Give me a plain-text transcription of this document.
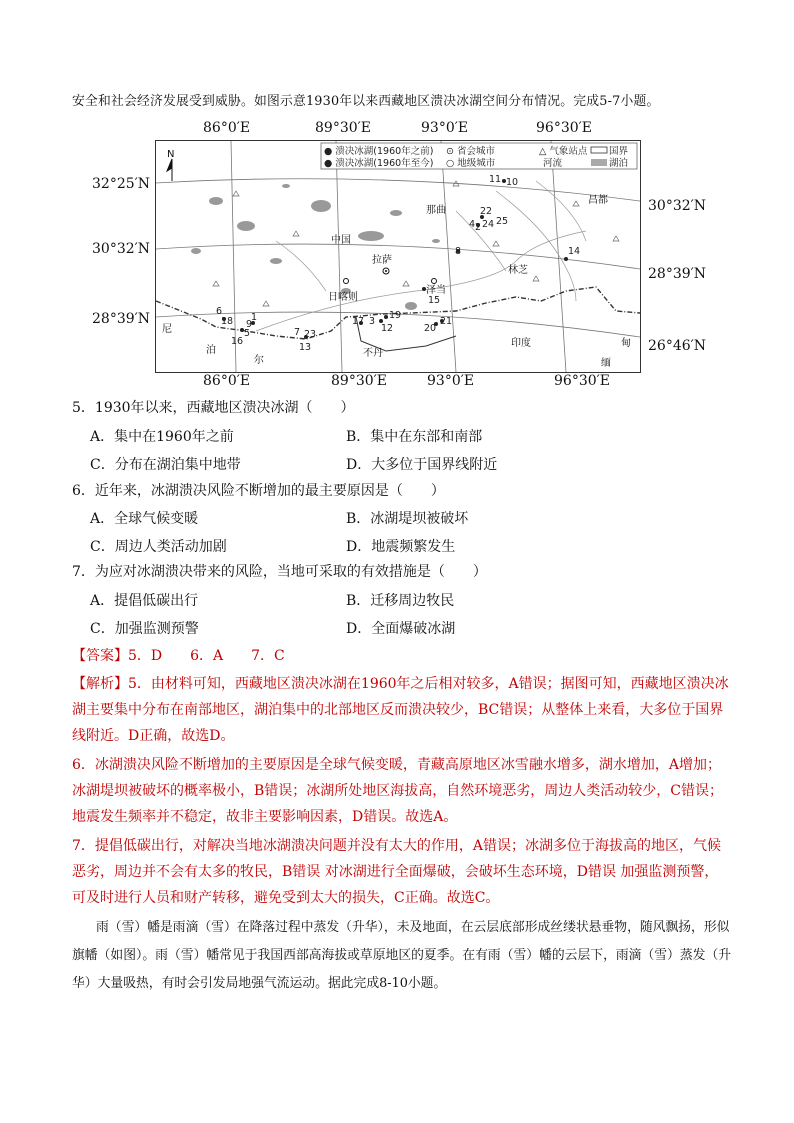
安全和社会经济发展受到威胁。如图示意1930年以来西藏地区溃决冰湖空间分布情况。完成5-7小题。
86°0′E	89°30′E	93°0′E	96°30′E
86°0′E	89°30′E	93°0′E	96°30′E
32°25′N
30°32′N
28°39′N
30°32′N
28°39′N
26°46′N
● 溃决冰湖(1960年之前)
● 溃决冰湖(1960年至今)
⊙ 省会城市
○ 地级城市
△ 气象站点
河流
国界
湖泊
N
中国
那曲
昌都
拉萨
林芝
日喀则
泽当
尼
泊
尔
不丹
印度	甸
缅
1
2
3
4
5
6
7
8
9
10
11
12
13
14
15
16
17
18
19
20
21
22
23
24 25
5．1930年以来，西藏地区溃决冰湖（　　）
A．集中在1960年之前	B．集中在东部和南部
C．分布在湖泊集中地带	D．大多位于国界线附近
6．近年来，冰湖溃决风险不断增加的最主要原因是（　　）
A．全球气候变暖	B．冰湖堤坝被破坏
C．周边人类活动加剧	D．地震频繁发生
7．为应对冰湖溃决带来的风险，当地可采取的有效措施是（　　）
A．提倡低碳出行	B．迁移周边牧民
C．加强监测预警	D．全面爆破冰湖
【答案】5．D　　6．A　　7．C
【解析】5．由材料可知，西藏地区溃决冰湖在1960年之后相对较多，A错误；据图可知，西藏地区溃决冰湖主要集中分布在南部地区，湖泊集中的北部地区反而溃决较少，BC错误；从整体上来看，大多位于国界线附近。D正确，故选D。
6．冰湖溃决风险不断增加的主要原因是全球气候变暖，青藏高原地区冰雪融水增多，湖水增加，A增加；冰湖堤坝被破坏的概率极小，B错误；冰湖所处地区海拔高，自然环境恶劣，周边人类活动较少，C错误；地震发生频率并不稳定，故非主要影响因素，D错误。故选A。
7．提倡低碳出行，对解决当地冰湖溃决问题并没有太大的作用，A错误；冰湖多位于海拔高的地区，气候恶劣，周边并不会有太多的牧民，B错误 对冰湖进行全面爆破，会破坏生态环境，D错误 加强监测预警，可及时进行人员和财产转移，避免受到太大的损失，C正确。故选C。
雨（雪）幡是雨滴（雪）在降落过程中蒸发（升华），未及地面，在云层底部形成丝缕状悬垂物，随风飘扬，形似旗幡（如图）。雨（雪）幡常见于我国西部高海拔或草原地区的夏季。在有雨（雪）幡的云层下，雨滴（雪）蒸发（升华）大量吸热，有时会引发局地强气流运动。据此完成8-10小题。
